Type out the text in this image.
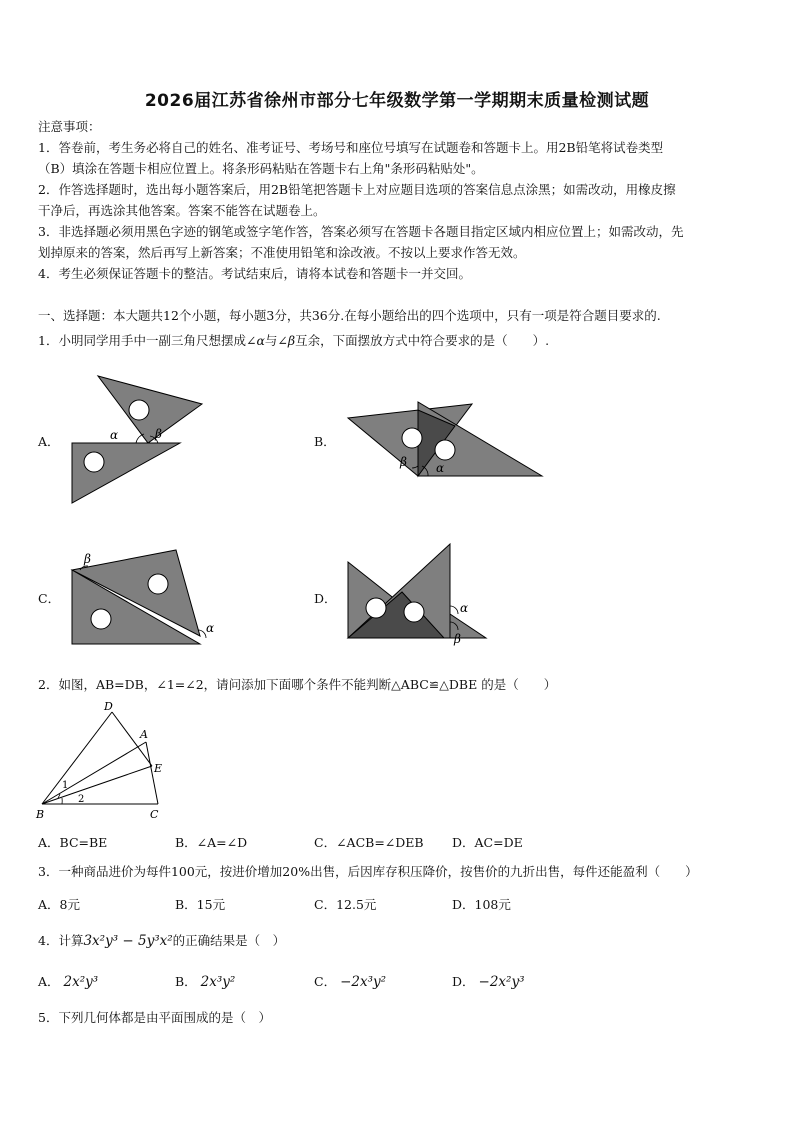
2026届江苏省徐州市部分七年级数学第一学期期末质量检测试题
注意事项：
1．答卷前，考生务必将自己的姓名、准考证号、考场号和座位号填写在试题卷和答题卡上。用2B铅笔将试卷类型
（B）填涂在答题卡相应位置上。将条形码粘贴在答题卡右上角"条形码粘贴处"。
2．作答选择题时，选出每小题答案后，用2B铅笔把答题卡上对应题目选项的答案信息点涂黑；如需改动，用橡皮擦
干净后，再选涂其他答案。答案不能答在试题卷上。
3．非选择题必须用黑色字迹的钢笔或签字笔作答，答案必须写在答题卡各题目指定区域内相应位置上；如需改动，先
划掉原来的答案，然后再写上新答案；不准使用铅笔和涂改液。不按以上要求作答无效。
4．考生必须保证答题卡的整洁。考试结束后，请将本试卷和答题卡一并交回。
一、选择题：本大题共12个小题，每小题3分，共36分.在每小题给出的四个选项中，只有一项是符合题目要求的.
1．小明同学用手中一副三角尺想摆成∠α与∠β互余，下面摆放方式中符合要求的是（　　）.
A．	B．
C．	D．
α	β
β α
β
α
α
β
2．如图，AB=DB，∠1=∠2，请问添加下面哪个条件不能判断△ABC≌△DBE 的是（　　）
D
A
E
B	C
1
2
A．BC=BE	B．∠A=∠D	C．∠ACB=∠DEB D．AC=DE
3．一种商品进价为每件100元，按进价增加20%出售，后因库存积压降价，按售价的九折出售，每件还能盈利（　　）
A．8元	B．15元	C．12.5元	D．108元
4．计算3x²y³ − 5y³x²的正确结果是（　）
A． 2x²y³	B． 2x³y²	C． −2x³y²	D． −2x²y³
5．下列几何体都是由平面围成的是（　）
